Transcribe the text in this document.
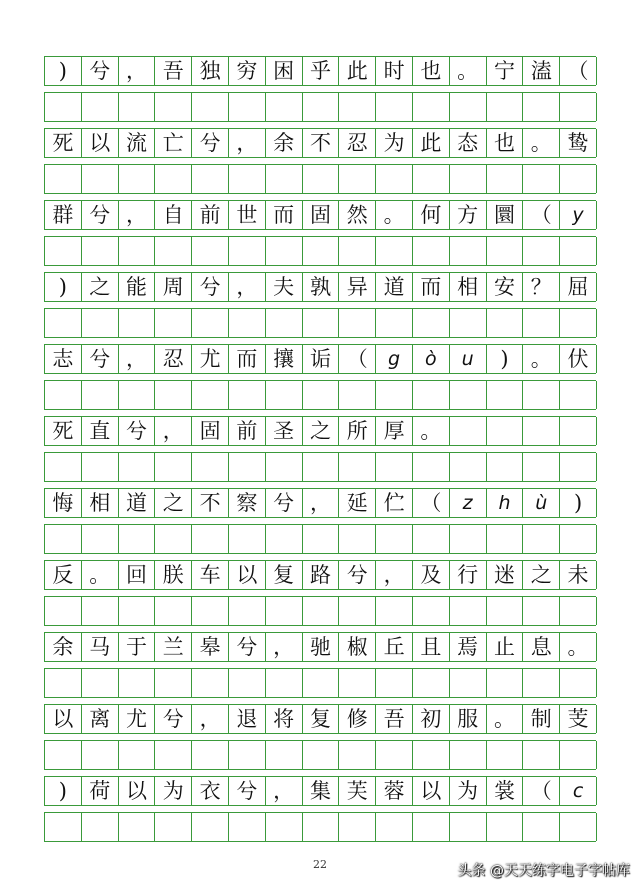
)	兮 ， 吾 独 穷 困 乎 此 时 也 。 宁 溘 （
死 以 流 亡 兮 ， 余 不 忍 为 此 态 也 。 鸷
群 兮 ， 自 前 世 而 固 然 。 何 方 圜 （	y
)	之 能 周 兮 ， 夫 孰 异 道 而 相 安 ？ 屈
志 兮 ， 忍 尤 而 攘 诟 （	g	ò	u	)	。 伏
死 直 兮 ， 固 前 圣 之 所 厚 。
悔 相 道 之 不 察 兮 ， 延 伫 （	z	h	ù	)
反 。 回 朕 车 以 复 路 兮 ， 及 行 迷 之 未
余 马 于 兰 皋 兮 ， 驰 椒 丘 且 焉 止 息 。
以 离 尤 兮 ， 退 将 复 修 吾 初 服 。 制 芰
)	荷 以 为 衣 兮 ， 集 芙 蓉 以 为 裳 （	c
22	头条 @天天练字电子字帖库
